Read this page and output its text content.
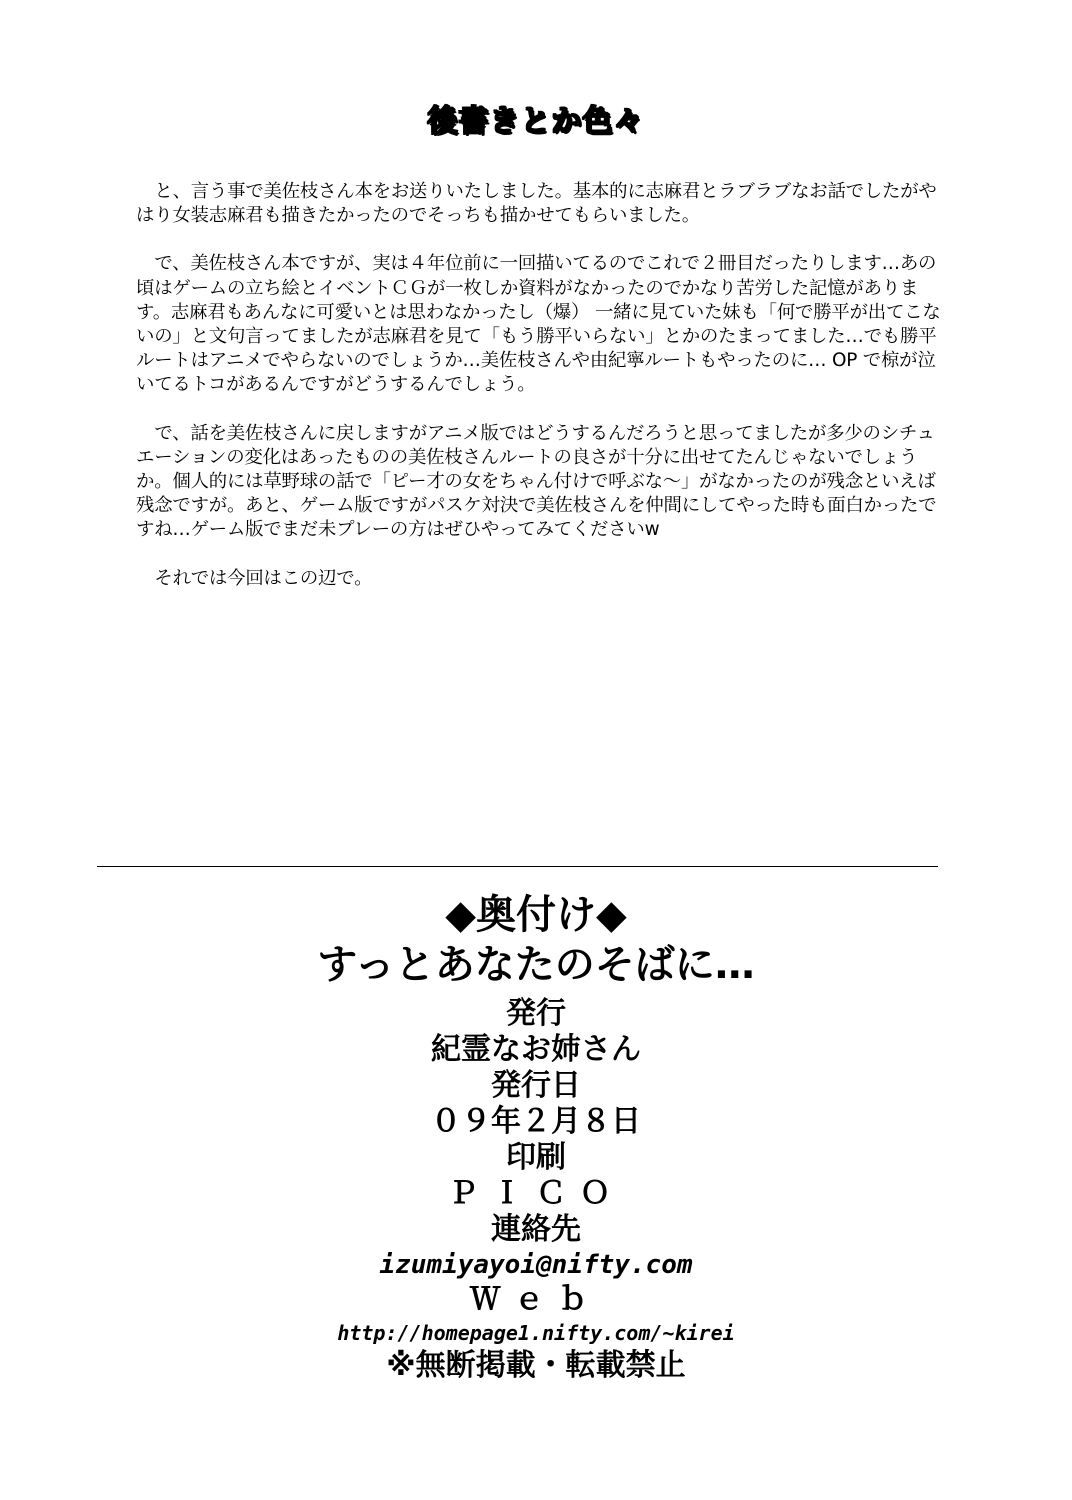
後書きとか色々

と、言う事で美佐枝さん本をお送りいたしました。基本的に志麻君とラブラブなお話でしたがやはり女装志麻君も描きたかったのでそっちも描かせてもらいました。

で、美佐枝さん本ですが、実は４年位前に一回描いてるのでこれで２冊目だったりします…あの頃はゲームの立ち絵とイベントＣＧが一枚しか資料がなかったのでかなり苦労した記憶があります。志麻君もあんなに可愛いとは思わなかったし（爆） 一緒に見ていた妹も「何で勝平が出てこないの」と文句言ってましたが志麻君を見て「もう勝平いらない」とかのたまってました…でも勝平ルートはアニメでやらないのでしょうか…美佐枝さんや由紀寧ルートもやったのに… OP で椋が泣いてるトコがあるんですがどうするんでしょう。

で、話を美佐枝さんに戻しますがアニメ版ではどうするんだろうと思ってましたが多少のシチュエーションの変化はあったものの美佐枝さんルートの良さが十分に出せてたんじゃないでしょうか。個人的には草野球の話で「ピー才の女をちゃん付けで呼ぶな～」がなかったのが残念といえば残念ですが。あと、ゲーム版ですがパスケ対決で美佐枝さんを仲間にしてやった時も面白かったですね…ゲーム版でまだ未プレーの方はぜひやってみてくださいw

それでは今回はこの辺で。

◆奥付け◆
すっとあなたのそばに…
発行
紀霊なお姉さん
発行日
０９年２月８日
印刷
ＰＩＣＯ
連絡先
izumiyayoi@nifty.com
Ｗｅｂ
http://homepage1.nifty.com/~kirei
※無断掲載・転載禁止
